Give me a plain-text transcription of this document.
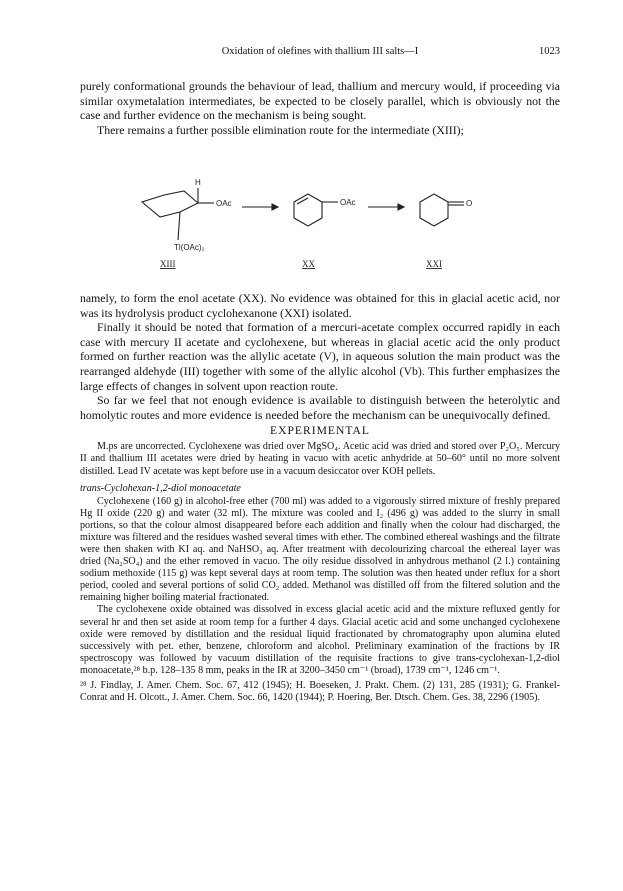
Oxidation of olefines with thallium III salts—I	1023

purely conformational grounds the behaviour of lead, thallium and mercury would, if proceeding via similar oxymetalation intermediates, be expected to be closely parallel, which is obviously not the case and further evidence on the mechanism is being sought.

There remains a further possible elimination route for the intermediate (XIII);

H
OAc
Tl(OAc)₂
OAc	O
XIII	XX	XXI

namely, to form the enol acetate (XX). No evidence was obtained for this in glacial acetic acid, nor was its hydrolysis product cyclohexanone (XXI) isolated.

Finally it should be noted that formation of a mercuri-acetate complex occurred rapidly in each case with mercury II acetate and cyclohexene, but whereas in glacial acetic acid the only product formed on further reaction was the allylic acetate (V), in aqueous solution the main product was the rearranged aldehyde (III) together with some of the allylic alcohol (Vb). This further emphasizes the large effects of changes in solvent upon reaction route.

So far we feel that not enough evidence is available to distinguish between the heterolytic and homolytic routes and more evidence is needed before the mechanism can be unequivocally defined.

EXPERIMENTAL

M.ps are uncorrected. Cyclohexene was dried over MgSO₄. Acetic acid was dried and stored over P₂O₅. Mercury II and thallium III acetates were dried by heating in vacuo with acetic anhydride at 50–60° until no more solvent distilled. Lead IV acetate was kept before use in a vacuum desiccator over KOH pellets.

trans-Cyclohexan-1,2-diol monoacetate

Cyclohexene (160 g) in alcohol-free ether (700 ml) was added to a vigorously stirred mixture of freshly prepared Hg II oxide (220 g) and water (32 ml). The mixture was cooled and I₂ (496 g) was added to the slurry in small portions, so that the colour almost disappeared before each addition and finally when the colour had discharged, the mixture was filtered and the residues washed several times with ether. The combined ethereal washings and the filtrate were then shaken with KI aq. and NaHSO₃ aq. After treatment with decolourizing charcoal the ethereal layer was dried (Na₂SO₄) and the ether removed in vacuo. The oily residue dissolved in anhydrous methanol (2 l.) containing sodium methoxide (115 g) was kept several days at room temp. The solution was then heated under reflux for a short period, cooled and several portions of solid CO₂ added. Methanol was distilled off from the filtered solution and the remaining higher boiling material fractionated.

The cyclohexene oxide obtained was dissolved in excess glacial acetic acid and the mixture refluxed gently for several hr and then set aside at room temp for a further 4 days. Glacial acetic acid and some unchanged cyclohexene oxide were removed by distillation and the residual liquid fractionated by chromatography upon alumina eluted successively with pet. ether, benzene, chloroform and alcohol. Preliminary examination of the fractions by IR spectroscopy was followed by vacuum distillation of the requisite fractions to give trans-cyclohexan-1,2-diol monoacetate,²⁸ b.p. 128–135 8 mm, peaks in the IR at 3200–3450 cm⁻¹ (broad), 1739 cm⁻¹, 1246 cm⁻¹.

²⁸ J. Findlay, J. Amer. Chem. Soc. 67, 412 (1945); H. Boeseken, J. Prakt. Chem. (2) 131, 285 (1931); G. Frankel-Conrat and H. Olcott., J. Amer. Chem. Soc. 66, 1420 (1944); P. Hoering, Ber. Dtsch. Chem. Ges. 38, 2296 (1905).
